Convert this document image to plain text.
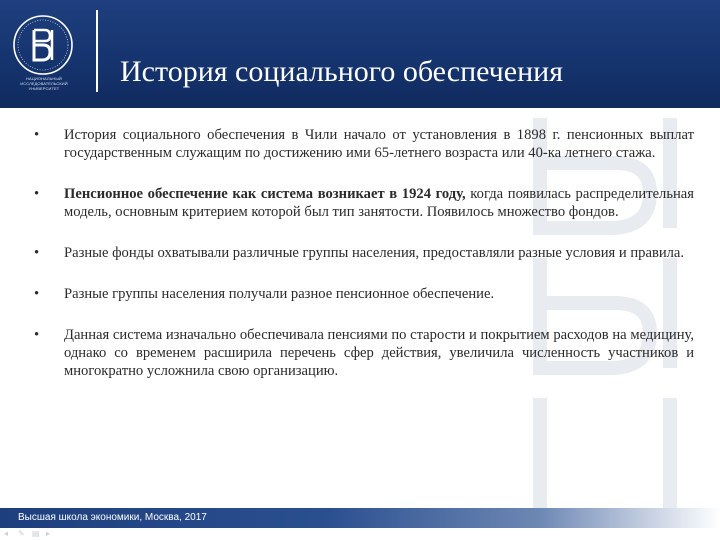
НАЦИОНАЛЬНЫЙ ИССЛЕДОВАТЕЛЬСКИЙ УНИВЕРСИТЕТ
История социального обеспечения
•	История социального обеспечения в Чили начало от установления в 1898 г. пенсионных выплат государственным служащим по достижению ими 65-летнего возраста или 40-ка летнего стажа.
•	Пенсионное обеспечение как система возникает в 1924 году, когда появилась распределительная модель, основным критерием которой был тип занятости. Появилось множество фондов.
•	Разные фонды охватывали различные группы населения, предоставляли разные условия и правила.
•	Разные группы населения получали разное пенсионное обеспечение.
•	Данная система изначально обеспечивала пенсиями по старости и покрытием расходов на медицину, однако со временем расширила перечень сфер действия, увеличила численность участников и многократно усложнила свою организацию.
Высшая школа экономики, Москва, 2017
◂	✎ ▤ ▸
